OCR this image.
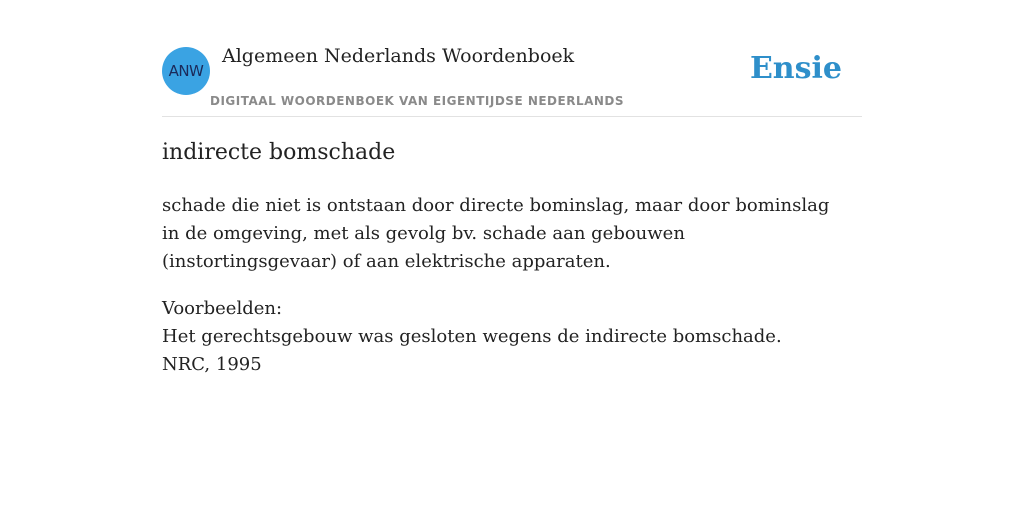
ANW
Algemeen Nederlands Woordenboek
DIGITAAL WOORDENBOEK VAN EIGENTIJDSE NEDERLANDS
Ensie
indirecte bomschade

schade die niet is ontstaan door directe bominslag, maar door bominslag in de omgeving, met als gevolg bv. schade aan gebouwen (instortingsgevaar) of aan elektrische apparaten.

Voorbeelden:
Het gerechtsgebouw was gesloten wegens de indirecte bomschade.
NRC, 1995
